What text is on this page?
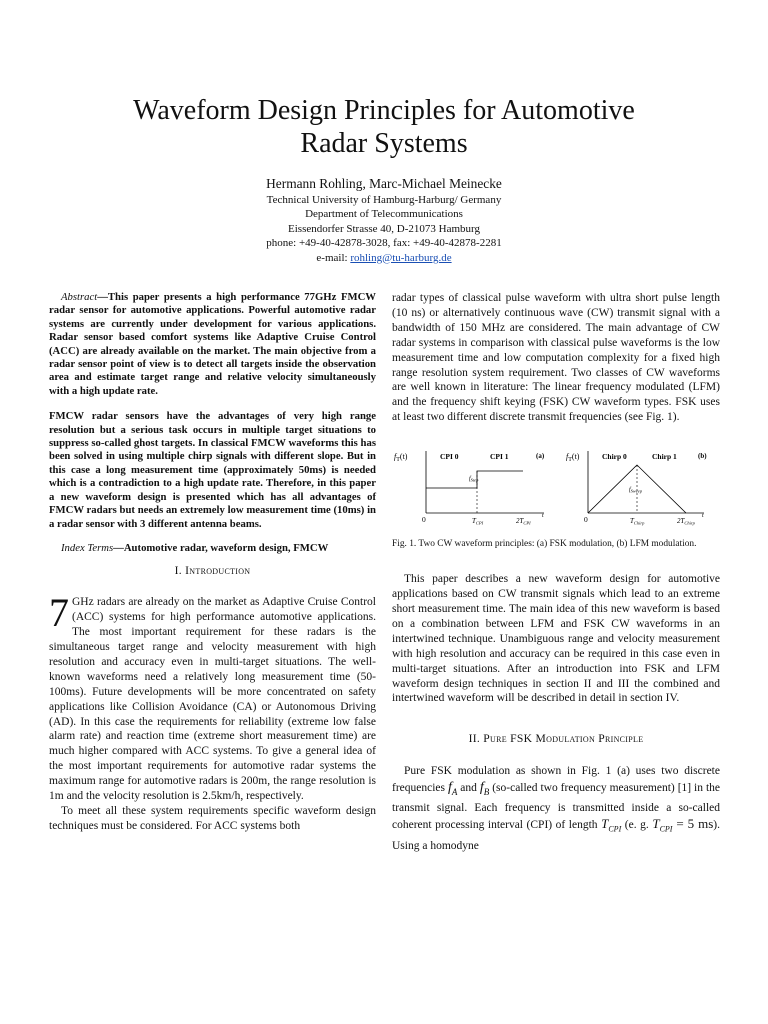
Waveform Design Principles for Automotive
Radar Systems
Hermann Rohling, Marc-Michael Meinecke
Technical University of Hamburg-Harburg/ Germany
Department of Telecommunications
Eissendorfer Strasse 40, D-21073 Hamburg
phone: +49-40-42878-3028, fax: +49-40-42878-2281
e-mail: rohling@tu-harburg.de

Abstract—This paper presents a high performance 77GHz FMCW radar sensor for automotive applications. Powerful automotive radar systems are currently under development for various applications. Radar sensor based comfort systems like Adaptive Cruise Control (ACC) are already available on the market. The main objective from a radar sensor point of view is to detect all targets inside the observation area and estimate target range and relative velocity simultaneously with a high update rate.

FMCW radar sensors have the advantages of very high range resolution but a serious task occurs in multiple target situations to suppress so-called ghost targets. In classical FMCW waveforms this has been solved in using multiple chirp signals with different slope. But in this case a long measurement time (approximately 50ms) is needed which is a contradiction to a high update rate. Therefore, in this paper a new waveform design is presented which has all advantages of FMCW radars but needs an extremely low measurement time (10ms) in a radar sensor with 3 different antenna beams.

Index Terms—Automotive radar, waveform design, FMCW

I. Introduction

7 GHz radars are already on the market as Adaptive Cruise Control (ACC) systems for high performance automotive applications. The most important requirement for these radars is the simultaneous target range and velocity measurement with high resolution and accuracy even in multi-target situations. The well-known waveforms need a relatively long measurement time (50-100ms). Future developments will be more concentrated on safety applications like Collision Avoidance (CA) or Autonomous Driving (AD). In this case the requirements for reliability (extreme low false alarm rate) and reaction time (extreme short measurement time) are much higher compared with ACC systems. To give a general idea of the most important requirements for automotive radar systems the maximum range for automotive radars is 200m, the range resolution is 1m and the velocity resolution is 2.5km/h, respectively.

To meet all these system requirements specific waveform design techniques must be considered. For ACC systems both

radar types of classical pulse waveform with ultra short pulse length (10 ns) or alternatively continuous wave (CW) transmit signal with a bandwidth of 150 MHz are considered. The main advantage of CW radar systems in comparison with classical pulse waveforms is the low measurement time and low computation complexity for a fixed high range resolution system requirement. Two classes of CW waveforms are well known in literature: The linear frequency modulated (LFM) and the frequency shift keying (FSK) CW waveform types. FSK uses at least two different discrete transmit frequencies (see Fig. 1).

$f_T(t)$	CPI 0	CPI 1	(a)
$f_{Step}$
0	$T_{CPI}$	$2T_{CPI}$
t
$f_T(t)$	Chirp 0	Chirp 1	(b)
$f_{Sweep}$
0	$T_{Chirp}$	$2T_{Chirp}$
t

Fig. 1. Two CW waveform principles: (a) FSK modulation, (b) LFM modulation.

This paper describes a new waveform design for automotive applications based on CW transmit signals which lead to an extreme short measurement time. The main idea of this new waveform is based on a combination between LFM and FSK CW waveforms in an intertwined technique. Unambiguous range and velocity measurement with high resolution and accuracy can be required in this case even in multi-target situations. After an introduction into FSK and LFM waveform design techniques in section II and III the combined and intertwined waveform will be described in detail in section IV.

II. Pure FSK Modulation Principle

Pure FSK modulation as shown in Fig. 1 (a) uses two discrete frequencies $f_A$ and $f_B$ (so-called two frequency measurement) [1] in the transmit signal. Each frequency is transmitted inside a so-called coherent processing interval (CPI) of length $T_{CPI}$ (e. g. $T_{CPI} = 5$ ms). Using a homodyne
